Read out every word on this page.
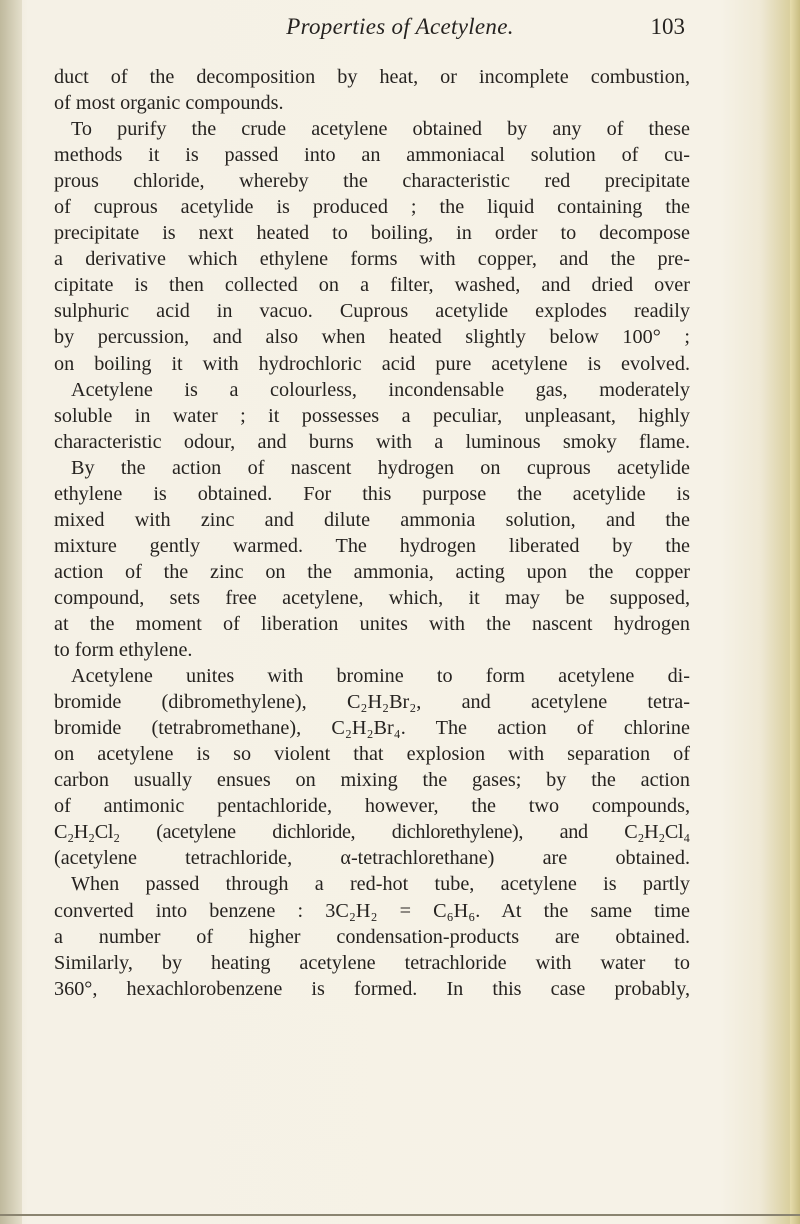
Properties of Acetylene.	103
duct of the decomposition by heat, or incomplete combustion,
of most organic compounds.
To purify the crude acetylene obtained by any of these
methods it is passed into an ammoniacal solution of cu-
prous chloride, whereby the characteristic red precipitate
of cuprous acetylide is produced ; the liquid containing the
precipitate is next heated to boiling, in order to decompose
a derivative which ethylene forms with copper, and the pre-
cipitate is then collected on a filter, washed, and dried over
sulphuric acid in vacuo. Cuprous acetylide explodes readily
by percussion, and also when heated slightly below 100° ;
on boiling it with hydrochloric acid pure acetylene is evolved.
Acetylene is a colourless, incondensable gas, moderately
soluble in water ; it possesses a peculiar, unpleasant, highly
characteristic odour, and burns with a luminous smoky flame.
By the action of nascent hydrogen on cuprous acetylide
ethylene is obtained. For this purpose the acetylide is
mixed with zinc and dilute ammonia solution, and the
mixture gently warmed. The hydrogen liberated by the
action of the zinc on the ammonia, acting upon the copper
compound, sets free acetylene, which, it may be supposed,
at the moment of liberation unites with the nascent hydrogen
to form ethylene.
Acetylene unites with bromine to form acetylene di-
bromide (dibromethylene), C₂H₂Br₂, and acetylene tetra-
bromide (tetrabromethane), C₂H₂Br₄. The action of chlorine
on acetylene is so violent that explosion with separation of
carbon usually ensues on mixing the gases; by the action
of antimonic pentachloride, however, the two compounds,
C₂H₂Cl₂ (acetylene dichloride, dichlorethylene), and C₂H₂Cl₄
(acetylene tetrachloride, α-tetrachlorethane) are obtained.
When passed through a red-hot tube, acetylene is partly
converted into benzene : 3C₂H₂ = C₆H₆. At the same time
a number of higher condensation-products are obtained.
Similarly, by heating acetylene tetrachloride with water to
360°, hexachlorobenzene is formed. In this case probably,
